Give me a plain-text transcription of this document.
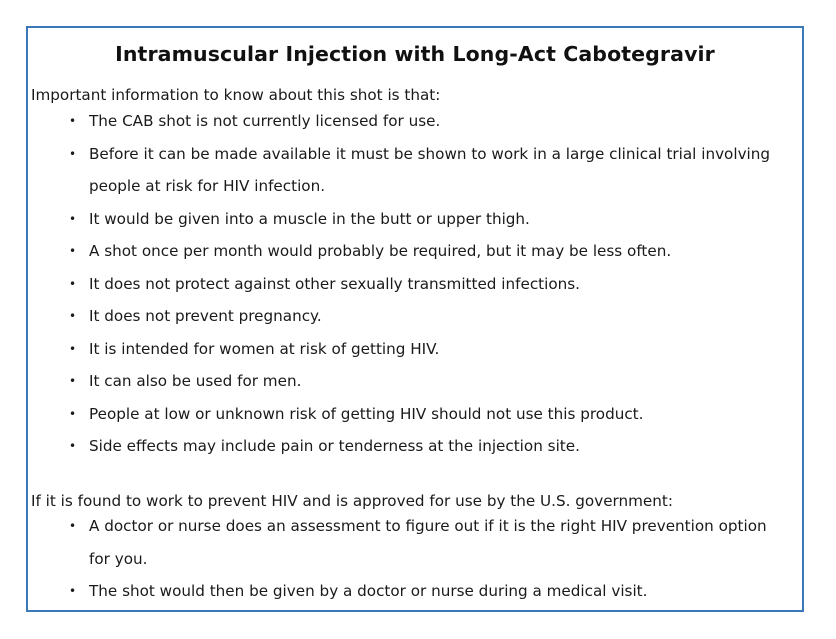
Intramuscular Injection with Long-Act Cabotegravir

Important information to know about this shot is that:

• The CAB shot is not currently licensed for use.
• Before it can be made available it must be shown to work in a large clinical trial involving people at risk for HIV infection.
• It would be given into a muscle in the butt or upper thigh.
• A shot once per month would probably be required, but it may be less often.
• It does not protect against other sexually transmitted infections.
• It does not prevent pregnancy.
• It is intended for women at risk of getting HIV.
• It can also be used for men.
• People at low or unknown risk of getting HIV should not use this product.
• Side effects may include pain or tenderness at the injection site.

If it is found to work to prevent HIV and is approved for use by the U.S. government:

• A doctor or nurse does an assessment to figure out if it is the right HIV prevention option for you.
• The shot would then be given by a doctor or nurse during a medical visit.
